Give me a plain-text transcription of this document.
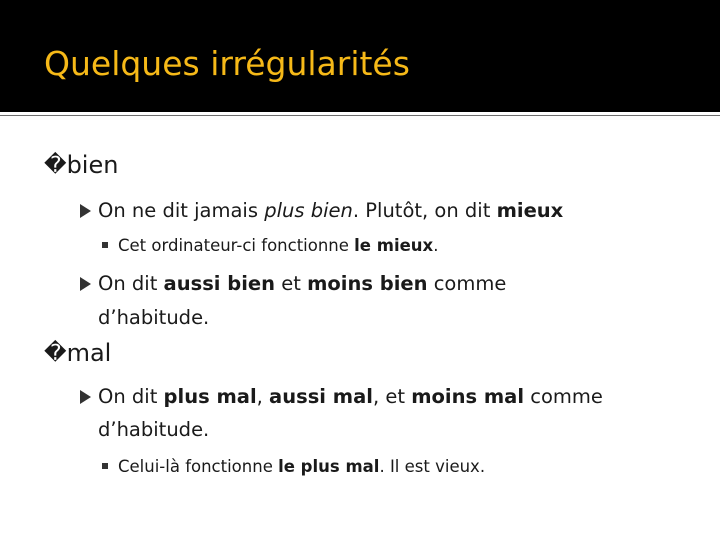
Quelques irrégularités
�bien
On ne dit jamais plus bien. Plutôt, on dit mieux
Cet ordinateur-ci fonctionne le mieux.
On dit aussi bien et moins bien comme
d’habitude.
�mal
On dit plus mal, aussi mal, et moins mal comme
d’habitude.
Celui-là fonctionne le plus mal. Il est vieux.
